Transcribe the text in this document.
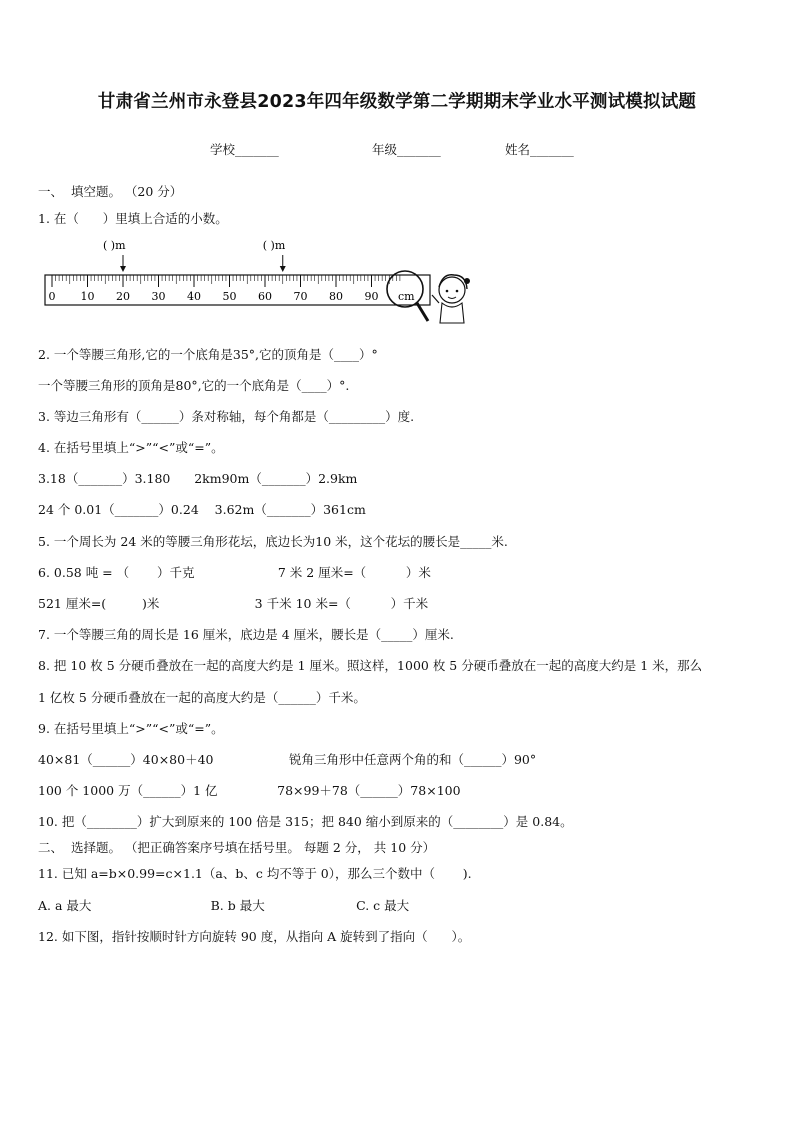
甘肃省兰州市永登县2023年四年级数学第二学期期末学业水平测试模拟试题
学校_______	年级_______	姓名_______
一、  填空题。 （20 分）
1. 在（      ）里填上合适的小数。
0 10 20 30 40 50 60 70 80 90
( )m	( )m
cm
2. 一个等腰三角形,它的一个底角是35°,它的顶角是（____）°
一个等腰三角形的顶角是80°,它的一个底角是（____）°.
3. 等边三角形有（______）条对称轴，每个角都是（_________）度.
4. 在括号里填上“>”“<”或“=”。
3.18（_______）3.180      2km90m（_______）2.9km
24 个 0.01（_______）0.24    3.62m（_______）361cm
5. 一个周长为 24 米的等腰三角形花坛，底边长为10 米，这个花坛的腰长是_____米.
6. 0.58 吨 = （       ）千克                     7 米 2 厘米=（          ）米
521 厘米=(         )米                        3 千米 10 米=（          ）千米
7. 一个等腰三角的周长是 16 厘米，底边是 4 厘米，腰长是（_____）厘米.
8. 把 10 枚 5 分硬币叠放在一起的高度大约是 1 厘米。照这样，1000 枚 5 分硬币叠放在一起的高度大约是 1 米，那么
1 亿枚 5 分硬币叠放在一起的高度大约是（______）千米。
9. 在括号里填上“>”“<”或“=”。
40×81（______）40×80＋40                   锐角三角形中任意两个角的和（______）90°
100 个 1000 万（______）1 亿               78×99＋78（______）78×100
10. 把（________）扩大到原来的 100 倍是 315；把 840 缩小到原来的（________）是 0.84。
二、  选择题。 （把正确答案序号填在括号里。 每题 2 分， 共 10 分）
11. 已知 a=b×0.99=c×1.1（a、b、c 均不等于 0），那么三个数中（       ).
A. a 最大                              B. b 最大                       C. c 最大
12. 如下图，指针按顺时针方向旋转 90 度，从指向 A 旋转到了指向（      ）。
